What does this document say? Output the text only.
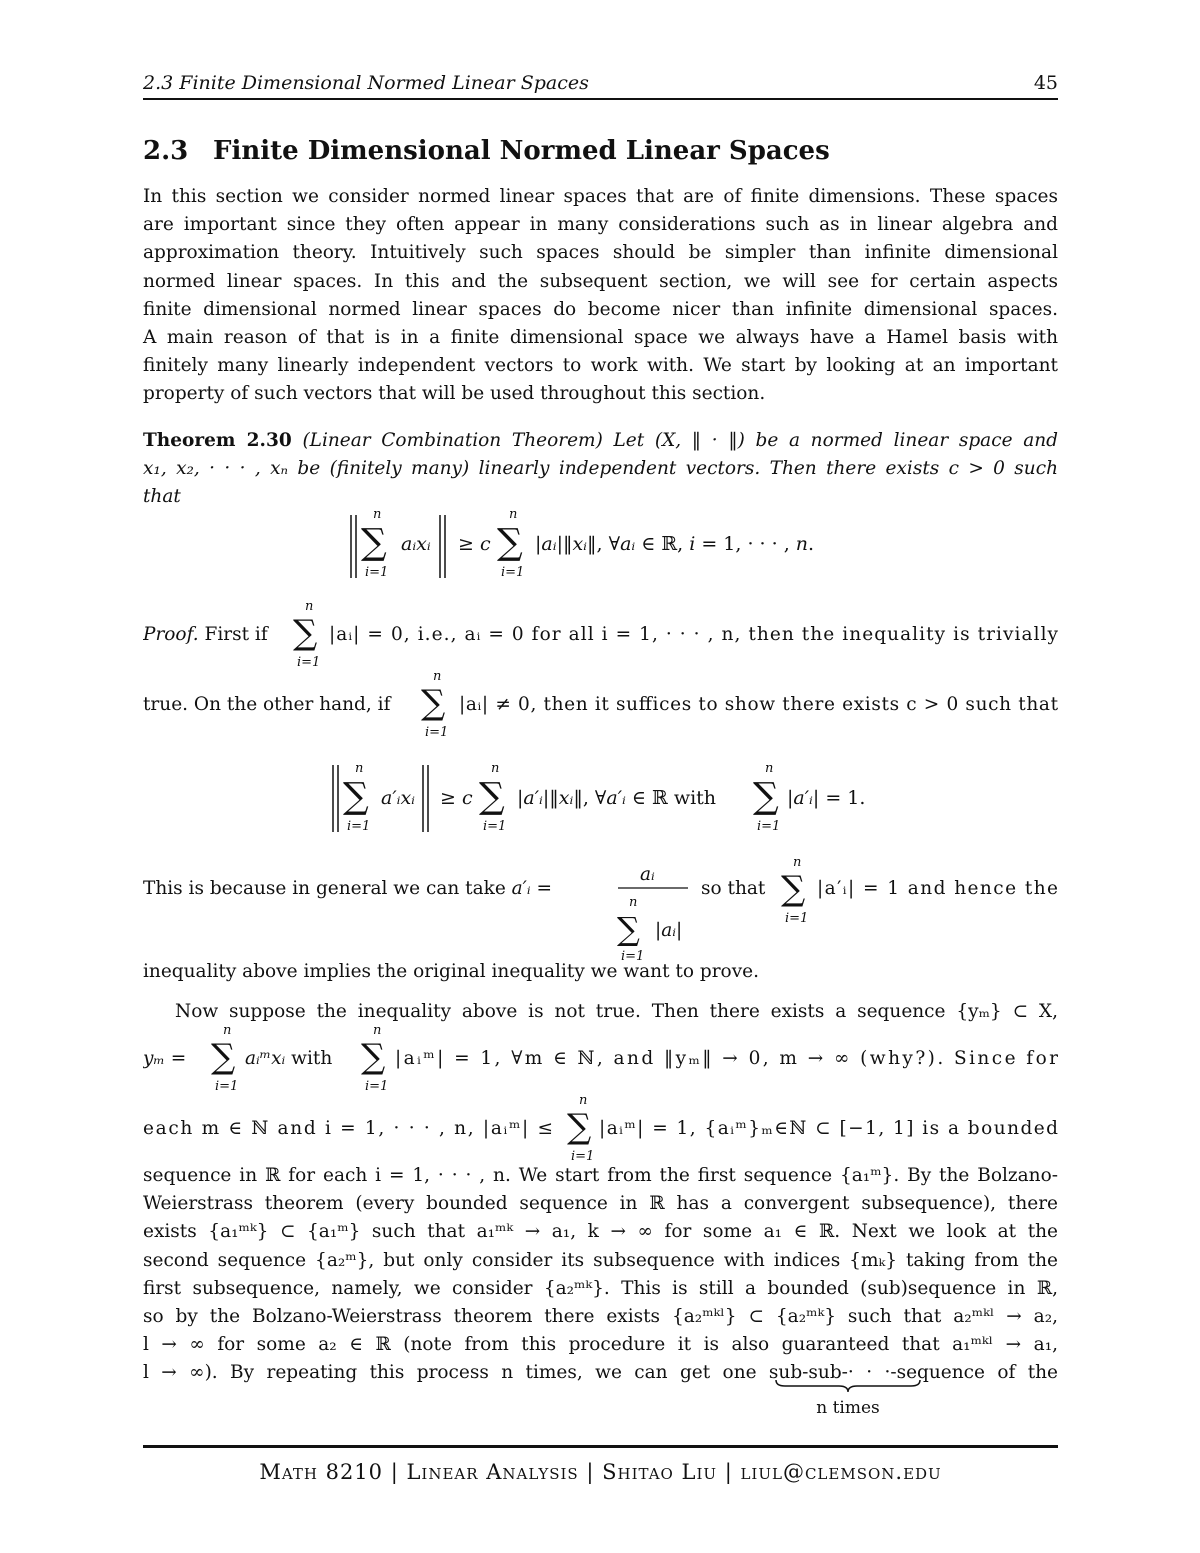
2.3 Finite Dimensional Normed Linear Spaces	45
2.3 Finite Dimensional Normed Linear Spaces
In this section we consider normed linear spaces that are of finite dimensions. These spaces
are important since they often appear in many considerations such as in linear algebra and
approximation theory. Intuitively such spaces should be simpler than infinite dimensional
normed linear spaces. In this and the subsequent section, we will see for certain aspects
finite dimensional normed linear spaces do become nicer than infinite dimensional spaces.
A main reason of that is in a finite dimensional space we always have a Hamel basis with
finitely many linearly independent vectors to work with. We start by looking at an important
property of such vectors that will be used throughout this section.
Theorem 2.30 (Linear Combination Theorem) Let (X, ‖ · ‖) be a normed linear space and
x₁, x₂, · · · , xₙ be (finitely many) linearly independent vectors. Then there exists c > 0 such
that
n
∑
i=1
aᵢxᵢ ≥ c
n
∑
i=1
|aᵢ|‖xᵢ‖, ∀aᵢ ∈ ℝ, i = 1, · · · , n.
Proof. First if
n
∑
i=1
|aᵢ| = 0, i.e., aᵢ = 0 for all i = 1, · · · , n, then the inequality is trivially
true. On the other hand, if
n
∑
i=1
|aᵢ| ≠ 0, then it suffices to show there exists c > 0 such that
n
∑
i=1
a′ᵢxᵢ ≥ c
n
∑
i=1
|a′ᵢ|‖xᵢ‖, ∀a′ᵢ ∈ ℝ with
n
∑
i=1
|a′ᵢ| = 1.
This is because in general we can take a′ᵢ =
aᵢ
n
∑
i=1
|aᵢ|
so that
n
∑
i=1
|a′ᵢ| = 1 and hence the
inequality above implies the original inequality we want to prove.
Now suppose the inequality above is not true. Then there exists a sequence {yₘ} ⊂ X,
yₘ =
n
∑
i=1
aᵢᵐxᵢ with
n
∑
i=1
|aᵢᵐ| = 1, ∀m ∈ ℕ, and ‖yₘ‖ → 0, m → ∞ (why?). Since for
each m ∈ ℕ and i = 1, · · · , n, |aᵢᵐ| ≤
n
∑
i=1
|aᵢᵐ| = 1, {aᵢᵐ}ₘ∈ℕ ⊂ [−1, 1] is a bounded
sequence in ℝ for each i = 1, · · · , n. We start from the first sequence {a₁ᵐ}. By the Bolzano-
Weierstrass theorem (every bounded sequence in ℝ has a convergent subsequence), there
exists {a₁ᵐᵏ} ⊂ {a₁ᵐ} such that a₁ᵐᵏ → a₁, k → ∞ for some a₁ ∈ ℝ. Next we look at the
second sequence {a₂ᵐ}, but only consider its subsequence with indices {mₖ} taking from the
first subsequence, namely, we consider {a₂ᵐᵏ}. This is still a bounded (sub)sequence in ℝ,
so by the Bolzano-Weierstrass theorem there exists {a₂ᵐᵏˡ} ⊂ {a₂ᵐᵏ} such that a₂ᵐᵏˡ → a₂,
l → ∞ for some a₂ ∈ ℝ (note from this procedure it is also guaranteed that a₁ᵐᵏˡ → a₁,
l → ∞). By repeating this process n times, we can get one sub-sub-· · ·-sequence of the
n times
Math 8210 | Linear Analysis | Shitao Liu | liul@clemson.edu
